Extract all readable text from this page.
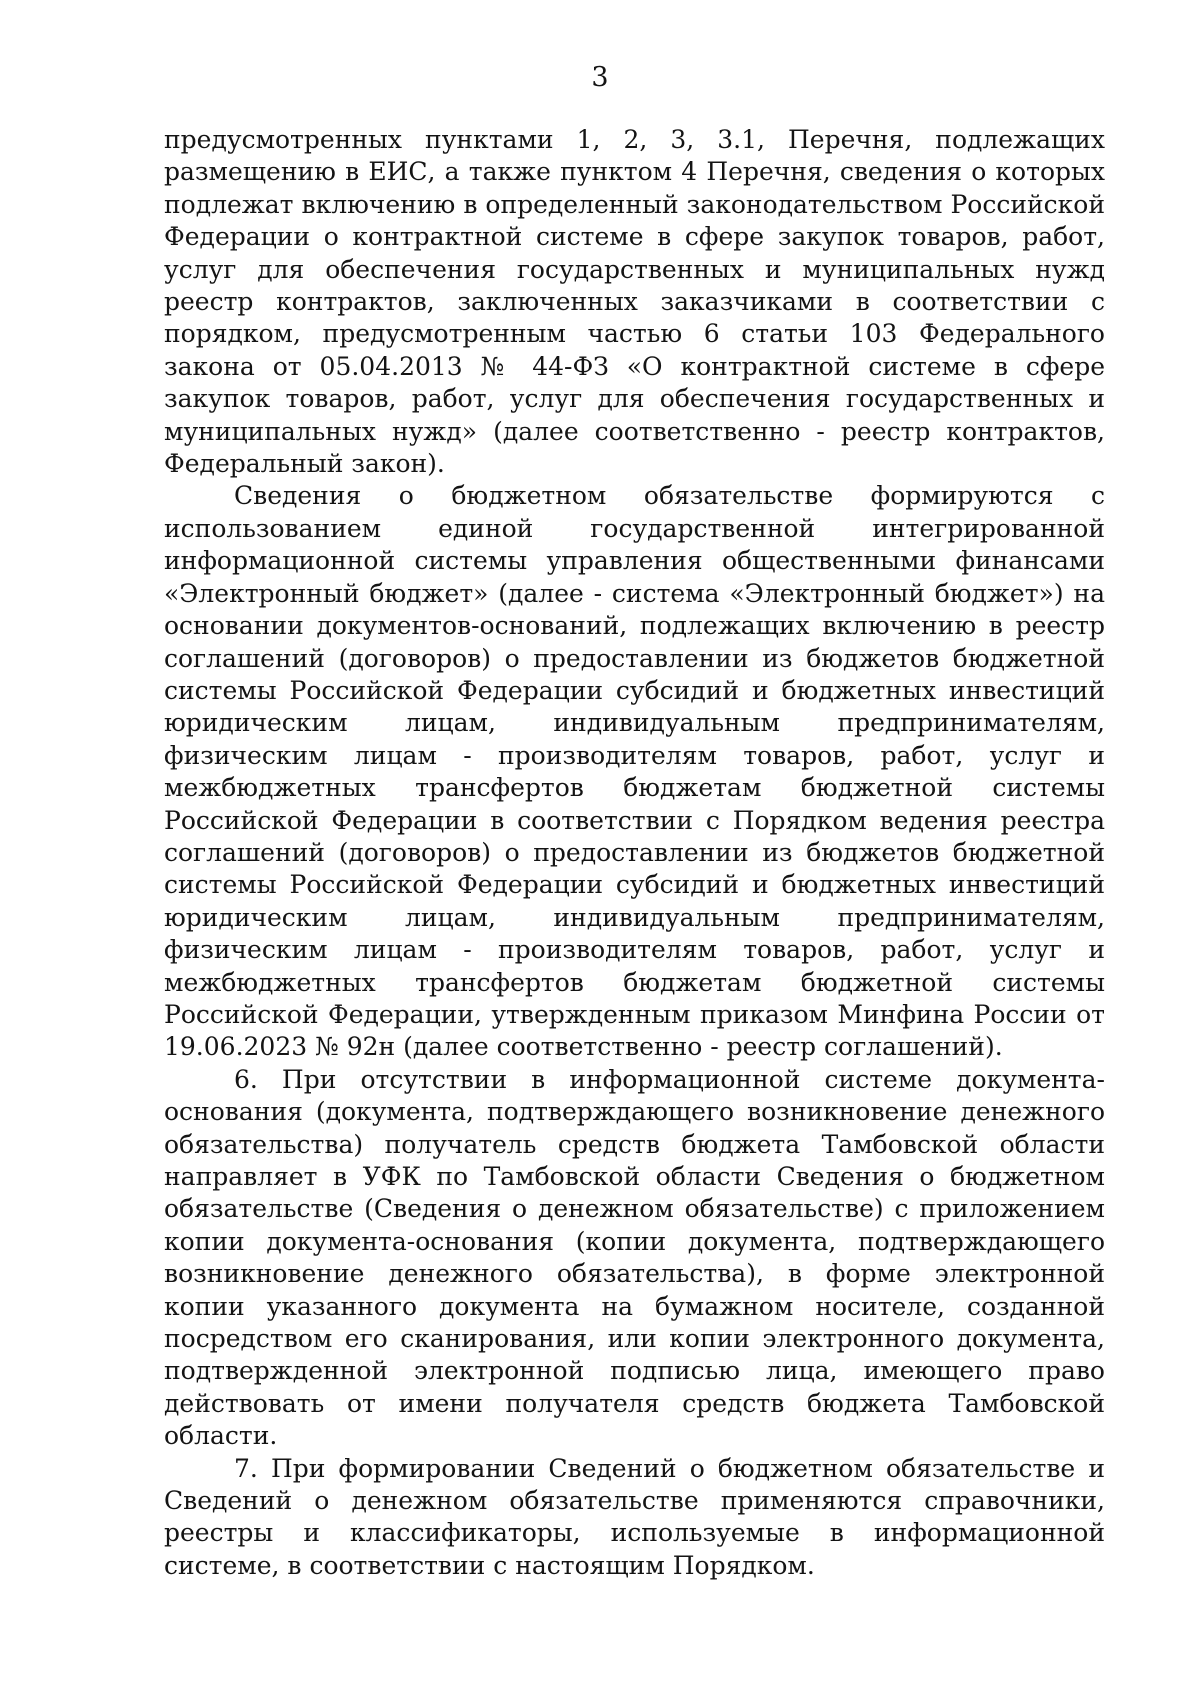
3

предусмотренных пунктами 1, 2, 3, 3.1, Перечня, подлежащих размещению в ЕИС, а также пунктом 4 Перечня, сведения о которых подлежат включению в определенный законодательством Российской Федерации о контрактной системе в сфере закупок товаров, работ, услуг для обеспечения государственных и муниципальных нужд реестр контрактов, заключенных заказчиками в соответствии с порядком, предусмотренным частью 6 статьи 103 Федерального закона от 05.04.2013 № 44-ФЗ «О контрактной системе в сфере закупок товаров, работ, услуг для обеспечения государственных и муниципальных нужд» (далее соответственно - реестр контрактов, Федеральный закон).

Сведения о бюджетном обязательстве формируются с использованием единой государственной интегрированной информационной системы управления общественными финансами «Электронный бюджет» (далее - система «Электронный бюджет») на основании документов-оснований, подлежащих включению в реестр соглашений (договоров) о предоставлении из бюджетов бюджетной системы Российской Федерации субсидий и бюджетных инвестиций юридическим лицам, индивидуальным предпринимателям, физическим лицам - производителям товаров, работ, услуг и межбюджетных трансфертов бюджетам бюджетной системы Российской Федерации в соответствии с Порядком ведения реестра соглашений (договоров) о предоставлении из бюджетов бюджетной системы Российской Федерации субсидий и бюджетных инвестиций юридическим лицам, индивидуальным предпринимателям, физическим лицам - производителям товаров, работ, услуг и межбюджетных трансфертов бюджетам бюджетной системы Российской Федерации, утвержденным приказом Минфина России от 19.06.2023 № 92н (далее соответственно - реестр соглашений).

6. При отсутствии в информационной системе документа-основания (документа, подтверждающего возникновение денежного обязательства) получатель средств бюджета Тамбовской области направляет в УФК по Тамбовской области Сведения о бюджетном обязательстве (Сведения о денежном обязательстве) с приложением копии документа-основания (копии документа, подтверждающего возникновение денежного обязательства), в форме электронной копии указанного документа на бумажном носителе, созданной посредством его сканирования, или копии электронного документа, подтвержденной электронной подписью лица, имеющего право действовать от имени получателя средств бюджета Тамбовской области.

7. При формировании Сведений о бюджетном обязательстве и Сведений о денежном обязательстве применяются справочники, реестры и классификаторы, используемые в информационной системе, в соответствии с настоящим Порядком.
